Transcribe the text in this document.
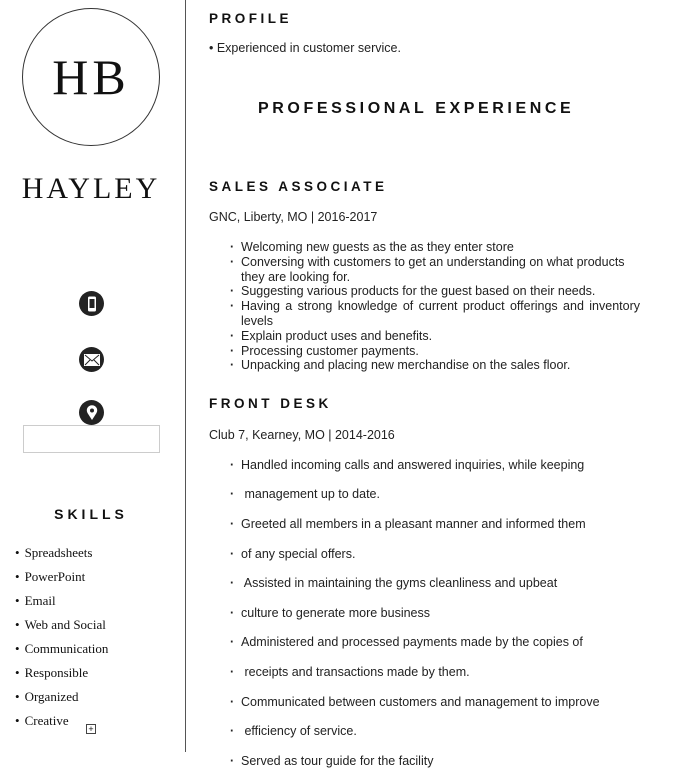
HB
HAYLEY
SKILLS
• Spreadsheets
• PowerPoint
• Email
• Web and Social
• Communication
• Responsible
• Organized
• Creative
+
PROFILE
• Experienced in customer service.
PROFESSIONAL EXPERIENCE
SALES ASSOCIATE
GNC, Liberty, MO | 2016-2017
· Welcoming new guests as the as they enter store
· Conversing with customers to get an understanding on what products they are looking for.
· Suggesting various products for the guest based on their needs.
· Having a strong knowledge of current product offerings and inventory levels
· Explain product uses and benefits.
· Processing customer payments.
· Unpacking and placing new merchandise on the sales floor.
FRONT DESK
Club 7, Kearney, MO | 2014-2016

· Handled incoming calls and answered inquiries, while keeping

·  management up to date.

· Greeted all members in a pleasant manner and informed them

· of any special offers.

·  Assisted in maintaining the gyms cleanliness and upbeat

· culture to generate more business

· Administered and processed payments made by the copies of

·  receipts and transactions made by them.

· Communicated between customers and management to improve

·  efficiency of service.

· Served as tour guide for the facility
